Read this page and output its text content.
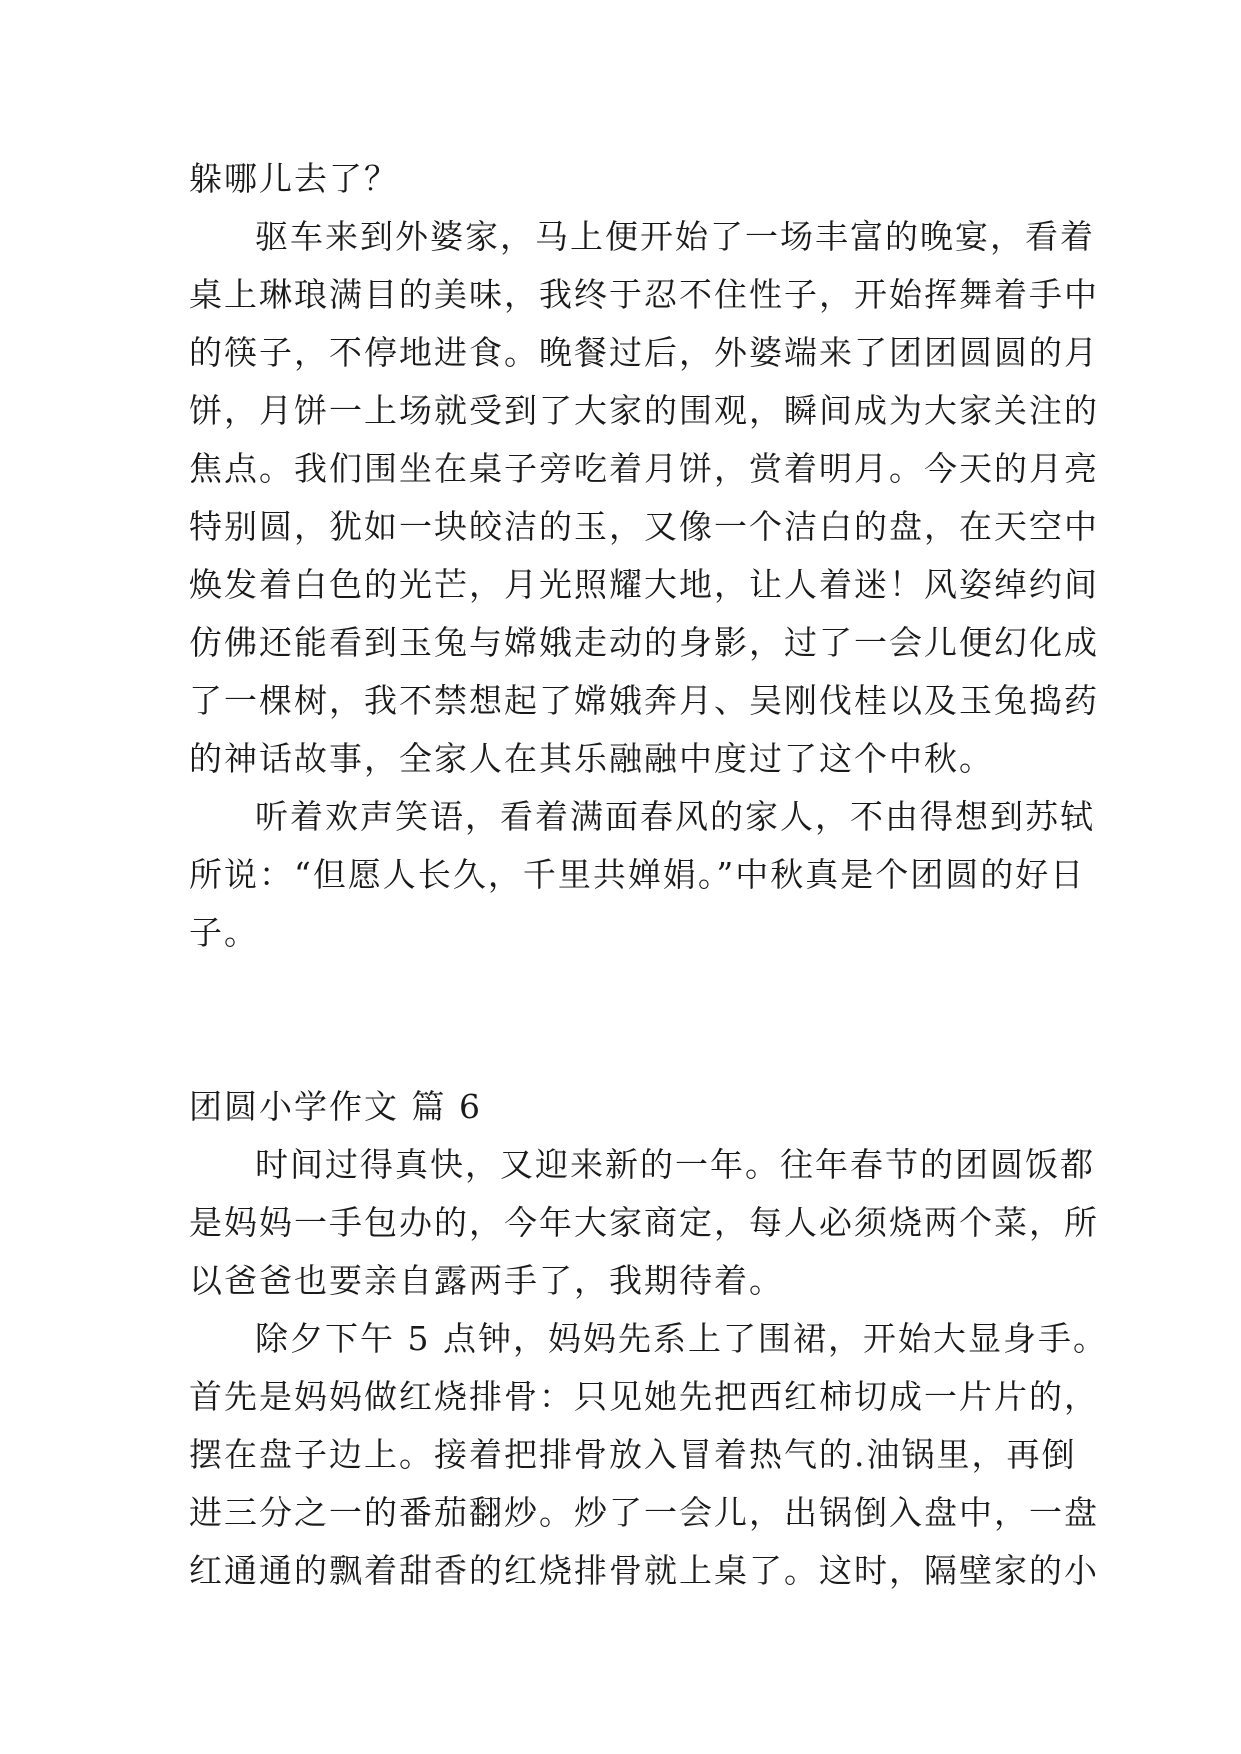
躲哪儿去了？
驱车来到外婆家，马上便开始了一场丰富的晚宴，看着
桌上琳琅满目的美味，我终于忍不住性子，开始挥舞着手中
的筷子，不停地进食。晚餐过后，外婆端来了团团圆圆的月
饼，月饼一上场就受到了大家的围观，瞬间成为大家关注的
焦点。我们围坐在桌子旁吃着月饼，赏着明月。今天的月亮
特别圆，犹如一块皎洁的玉，又像一个洁白的盘，在天空中
焕发着白色的光芒，月光照耀大地，让人着迷！风姿绰约间
仿佛还能看到玉兔与嫦娥走动的身影，过了一会儿便幻化成
了一棵树，我不禁想起了嫦娥奔月、吴刚伐桂以及玉兔捣药
的神话故事，全家人在其乐融融中度过了这个中秋。
听着欢声笑语，看着满面春风的家人，不由得想到苏轼
所说：“但愿人长久，千里共婵娟。”中秋真是个团圆的好日
子。
团圆小学作文 篇 6
时间过得真快，又迎来新的一年。往年春节的团圆饭都
是妈妈一手包办的，今年大家商定，每人必须烧两个菜，所
以爸爸也要亲自露两手了，我期待着。
除夕下午 5 点钟，妈妈先系上了围裙，开始大显身手。
首先是妈妈做红烧排骨：只见她先把西红柿切成一片片的，
摆在盘子边上。接着把排骨放入冒着热气的.油锅里，再倒
进三分之一的番茄翻炒。炒了一会儿，出锅倒入盘中，一盘
红通通的飘着甜香的红烧排骨就上桌了。这时，隔壁家的小
